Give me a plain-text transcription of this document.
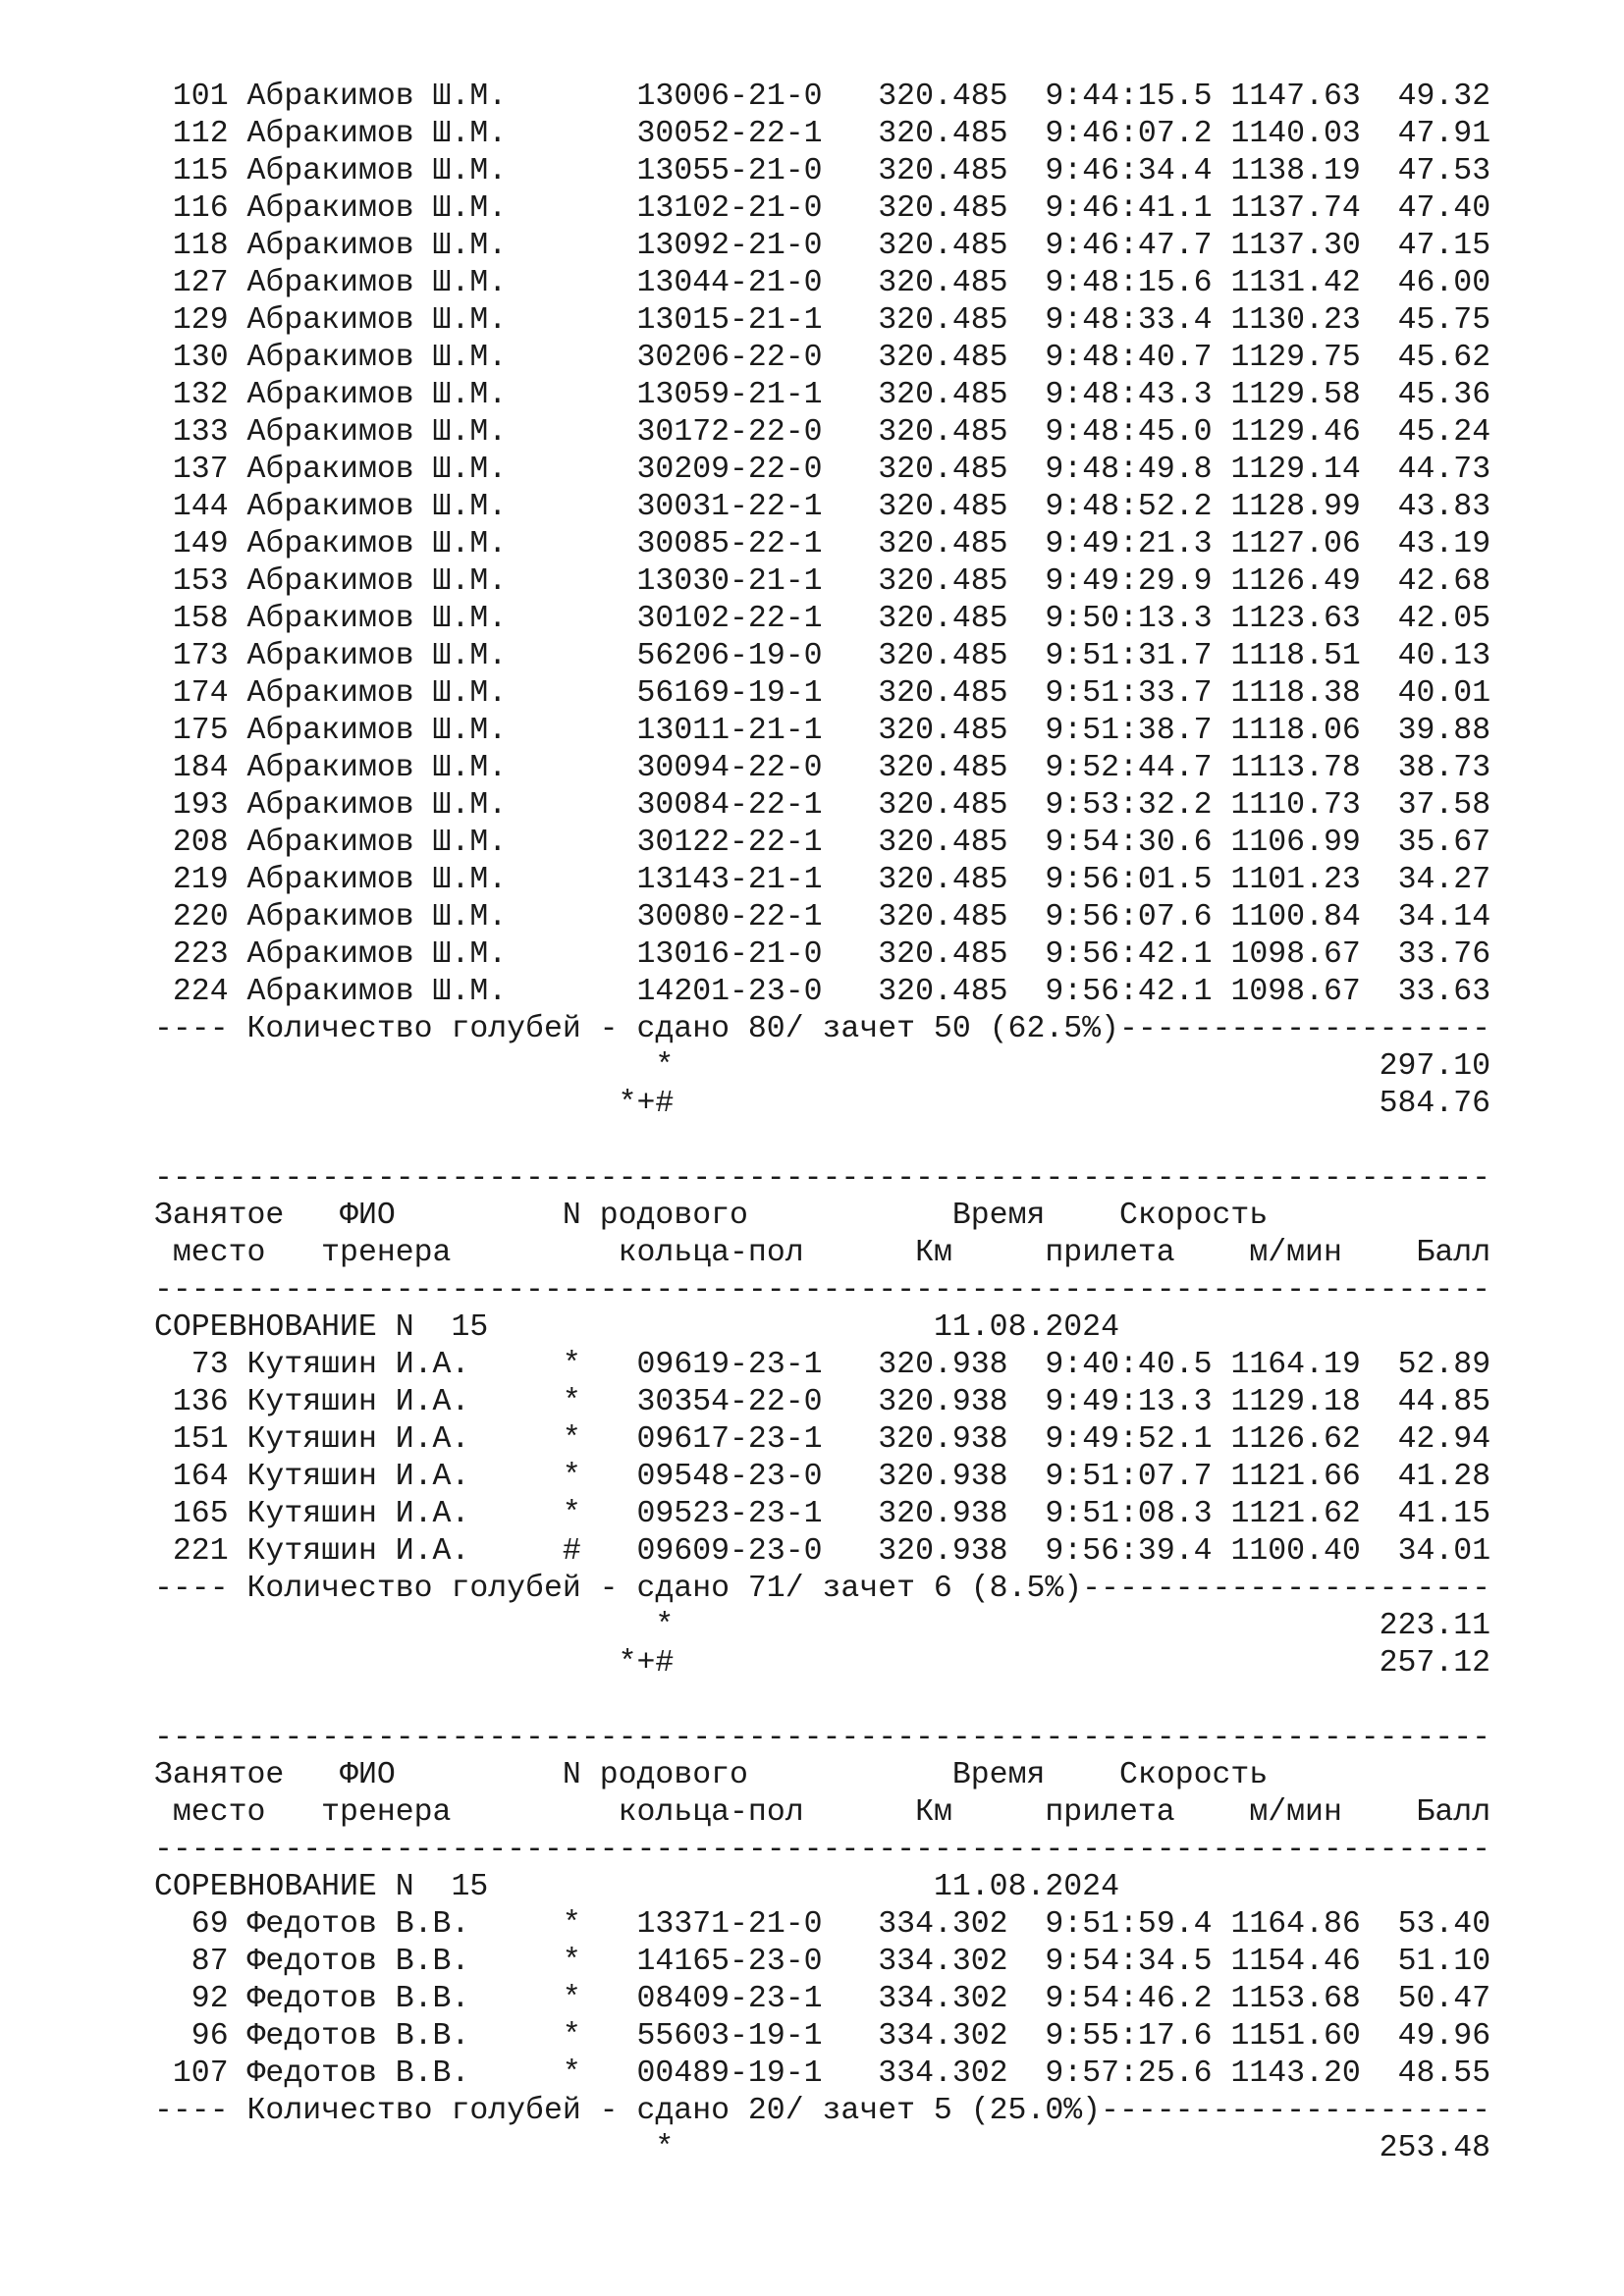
101 Абракимов Ш.М.       13006-21-0   320.485  9:44:15.5 1147.63  49.32
112 Абракимов Ш.М.       30052-22-1   320.485  9:46:07.2 1140.03  47.91
115 Абракимов Ш.М.       13055-21-0   320.485  9:46:34.4 1138.19  47.53
116 Абракимов Ш.М.       13102-21-0   320.485  9:46:41.1 1137.74  47.40
118 Абракимов Ш.М.       13092-21-0   320.485  9:46:47.7 1137.30  47.15
127 Абракимов Ш.М.       13044-21-0   320.485  9:48:15.6 1131.42  46.00
129 Абракимов Ш.М.       13015-21-1   320.485  9:48:33.4 1130.23  45.75
130 Абракимов Ш.М.       30206-22-0   320.485  9:48:40.7 1129.75  45.62
132 Абракимов Ш.М.       13059-21-1   320.485  9:48:43.3 1129.58  45.36
133 Абракимов Ш.М.       30172-22-0   320.485  9:48:45.0 1129.46  45.24
137 Абракимов Ш.М.       30209-22-0   320.485  9:48:49.8 1129.14  44.73
144 Абракимов Ш.М.       30031-22-1   320.485  9:48:52.2 1128.99  43.83
149 Абракимов Ш.М.       30085-22-1   320.485  9:49:21.3 1127.06  43.19
153 Абракимов Ш.М.       13030-21-1   320.485  9:49:29.9 1126.49  42.68
158 Абракимов Ш.М.       30102-22-1   320.485  9:50:13.3 1123.63  42.05
173 Абракимов Ш.М.       56206-19-0   320.485  9:51:31.7 1118.51  40.13
174 Абракимов Ш.М.       56169-19-1   320.485  9:51:33.7 1118.38  40.01
175 Абракимов Ш.М.       13011-21-1   320.485  9:51:38.7 1118.06  39.88
184 Абракимов Ш.М.       30094-22-0   320.485  9:52:44.7 1113.78  38.73
193 Абракимов Ш.М.       30084-22-1   320.485  9:53:32.2 1110.73  37.58
208 Абракимов Ш.М.       30122-22-1   320.485  9:54:30.6 1106.99  35.67
219 Абракимов Ш.М.       13143-21-1   320.485  9:56:01.5 1101.23  34.27
220 Абракимов Ш.М.       30080-22-1   320.485  9:56:07.6 1100.84  34.14
223 Абракимов Ш.М.       13016-21-0   320.485  9:56:42.1 1098.67  33.76
224 Абракимов Ш.М.       14201-23-0   320.485  9:56:42.1 1098.67  33.63
---- Количество голубей - сдано 80/ зачет 50 (62.5%)--------------------
*	297.10
*+#	584.76
------------------------------------------------------------------------
Занятое ФИО	N родового	Время Скорость
место тренера	кольца-пол	Км	прилета м/мин Балл
------------------------------------------------------------------------
СОРЕВНОВАНИЕ N  15	11.08.2024
73 Кутяшин И.А.     *   09619-23-1   320.938  9:40:40.5 1164.19  52.89
136 Кутяшин И.А.     *   30354-22-0   320.938  9:49:13.3 1129.18  44.85
151 Кутяшин И.А.     *   09617-23-1   320.938  9:49:52.1 1126.62  42.94
164 Кутяшин И.А.     *   09548-23-0   320.938  9:51:07.7 1121.66  41.28
165 Кутяшин И.А.     *   09523-23-1   320.938  9:51:08.3 1121.62  41.15
221 Кутяшин И.А.     #   09609-23-0   320.938  9:56:39.4 1100.40  34.01
---- Количество голубей - сдано 71/ зачет 6 (8.5%)----------------------
*	223.11
*+#	257.12
------------------------------------------------------------------------
Занятое ФИО	N родового	Время Скорость
место тренера	кольца-пол	Км	прилета м/мин Балл
------------------------------------------------------------------------
СОРЕВНОВАНИЕ N  15	11.08.2024
69 Федотов В.В.     *   13371-21-0   334.302  9:51:59.4 1164.86  53.40
87 Федотов В.В.     *   14165-23-0   334.302  9:54:34.5 1154.46  51.10
92 Федотов В.В.     *   08409-23-1   334.302  9:54:46.2 1153.68  50.47
96 Федотов В.В.     *   55603-19-1   334.302  9:55:17.6 1151.60  49.96
107 Федотов В.В.     *   00489-19-1   334.302  9:57:25.6 1143.20  48.55
---- Количество голубей - сдано 20/ зачет 5 (25.0%)---------------------
*	253.48
